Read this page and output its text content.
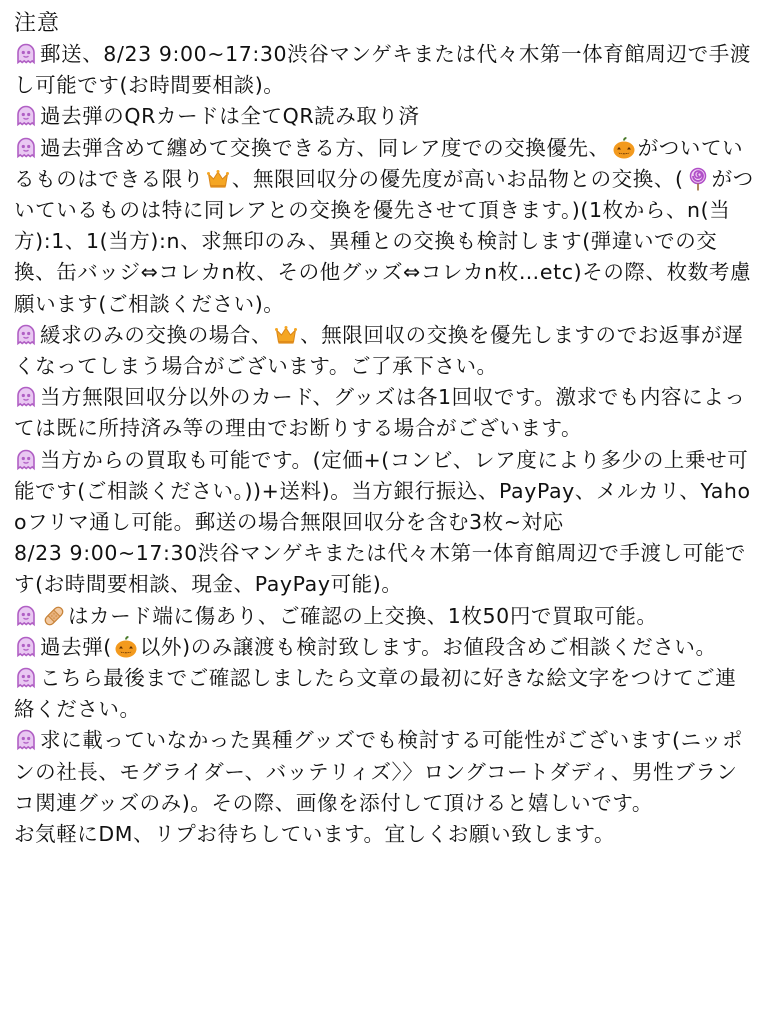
注意
郵送、8/23 9:00~17:30渋谷マンゲキまたは代々木第一体育館周辺で手渡し可能です(お時間要相談)。
過去弾のQRカードは全てQR読み取り済
過去弾含めて纏めて交換できる方、同レア度での交換優先、 がついているものはできる限り 、無限回収分の優先度が高いお品物との交換、( がついているものは特に同レアとの交換を優先させて頂きます。)(1枚から、n(当方):1、1(当方):n、求無印のみ、異種との交換も検討します(弾違いでの交換、缶バッジ⇔コレカn枚、その他グッズ⇔コレカn枚…etc)その際、枚数考慮願います(ご相談ください)。
緩求のみの交換の場合、 、無限回収の交換を優先しますのでお返事が遅くなってしまう場合がございます。ご了承下さい。
当方無限回収分以外のカード、グッズは各1回収です。激求でも内容によっては既に所持済み等の理由でお断りする場合がございます。
当方からの買取も可能です。(定価+(コンビ、レア度により多少の上乗せ可能です(ご相談ください。))+送料)。当方銀行振込、PayPay、メルカリ、Yahooフリマ通し可能。郵送の場合無限回収分を含む3枚~対応
8/23 9:00~17:30渋谷マンゲキまたは代々木第一体育館周辺で手渡し可能です(お時間要相談、現金、PayPay可能)。
はカード端に傷あり、ご確認の上交換、1枚50円で買取可能。
過去弾( 以外)のみ譲渡も検討致します。お値段含めご相談ください。
こちら最後までご確認しましたら文章の最初に好きな絵文字をつけてご連絡ください。
求に載っていなかった異種グッズでも検討する可能性がございます(ニッポンの社長、モグライダー、バッテリィズ〉〉ロングコートダディ、男性ブランコ関連グッズのみ)。その際、画像を添付して頂けると嬉しいです。
お気軽にDM、リプお待ちしています。宜しくお願い致します。
